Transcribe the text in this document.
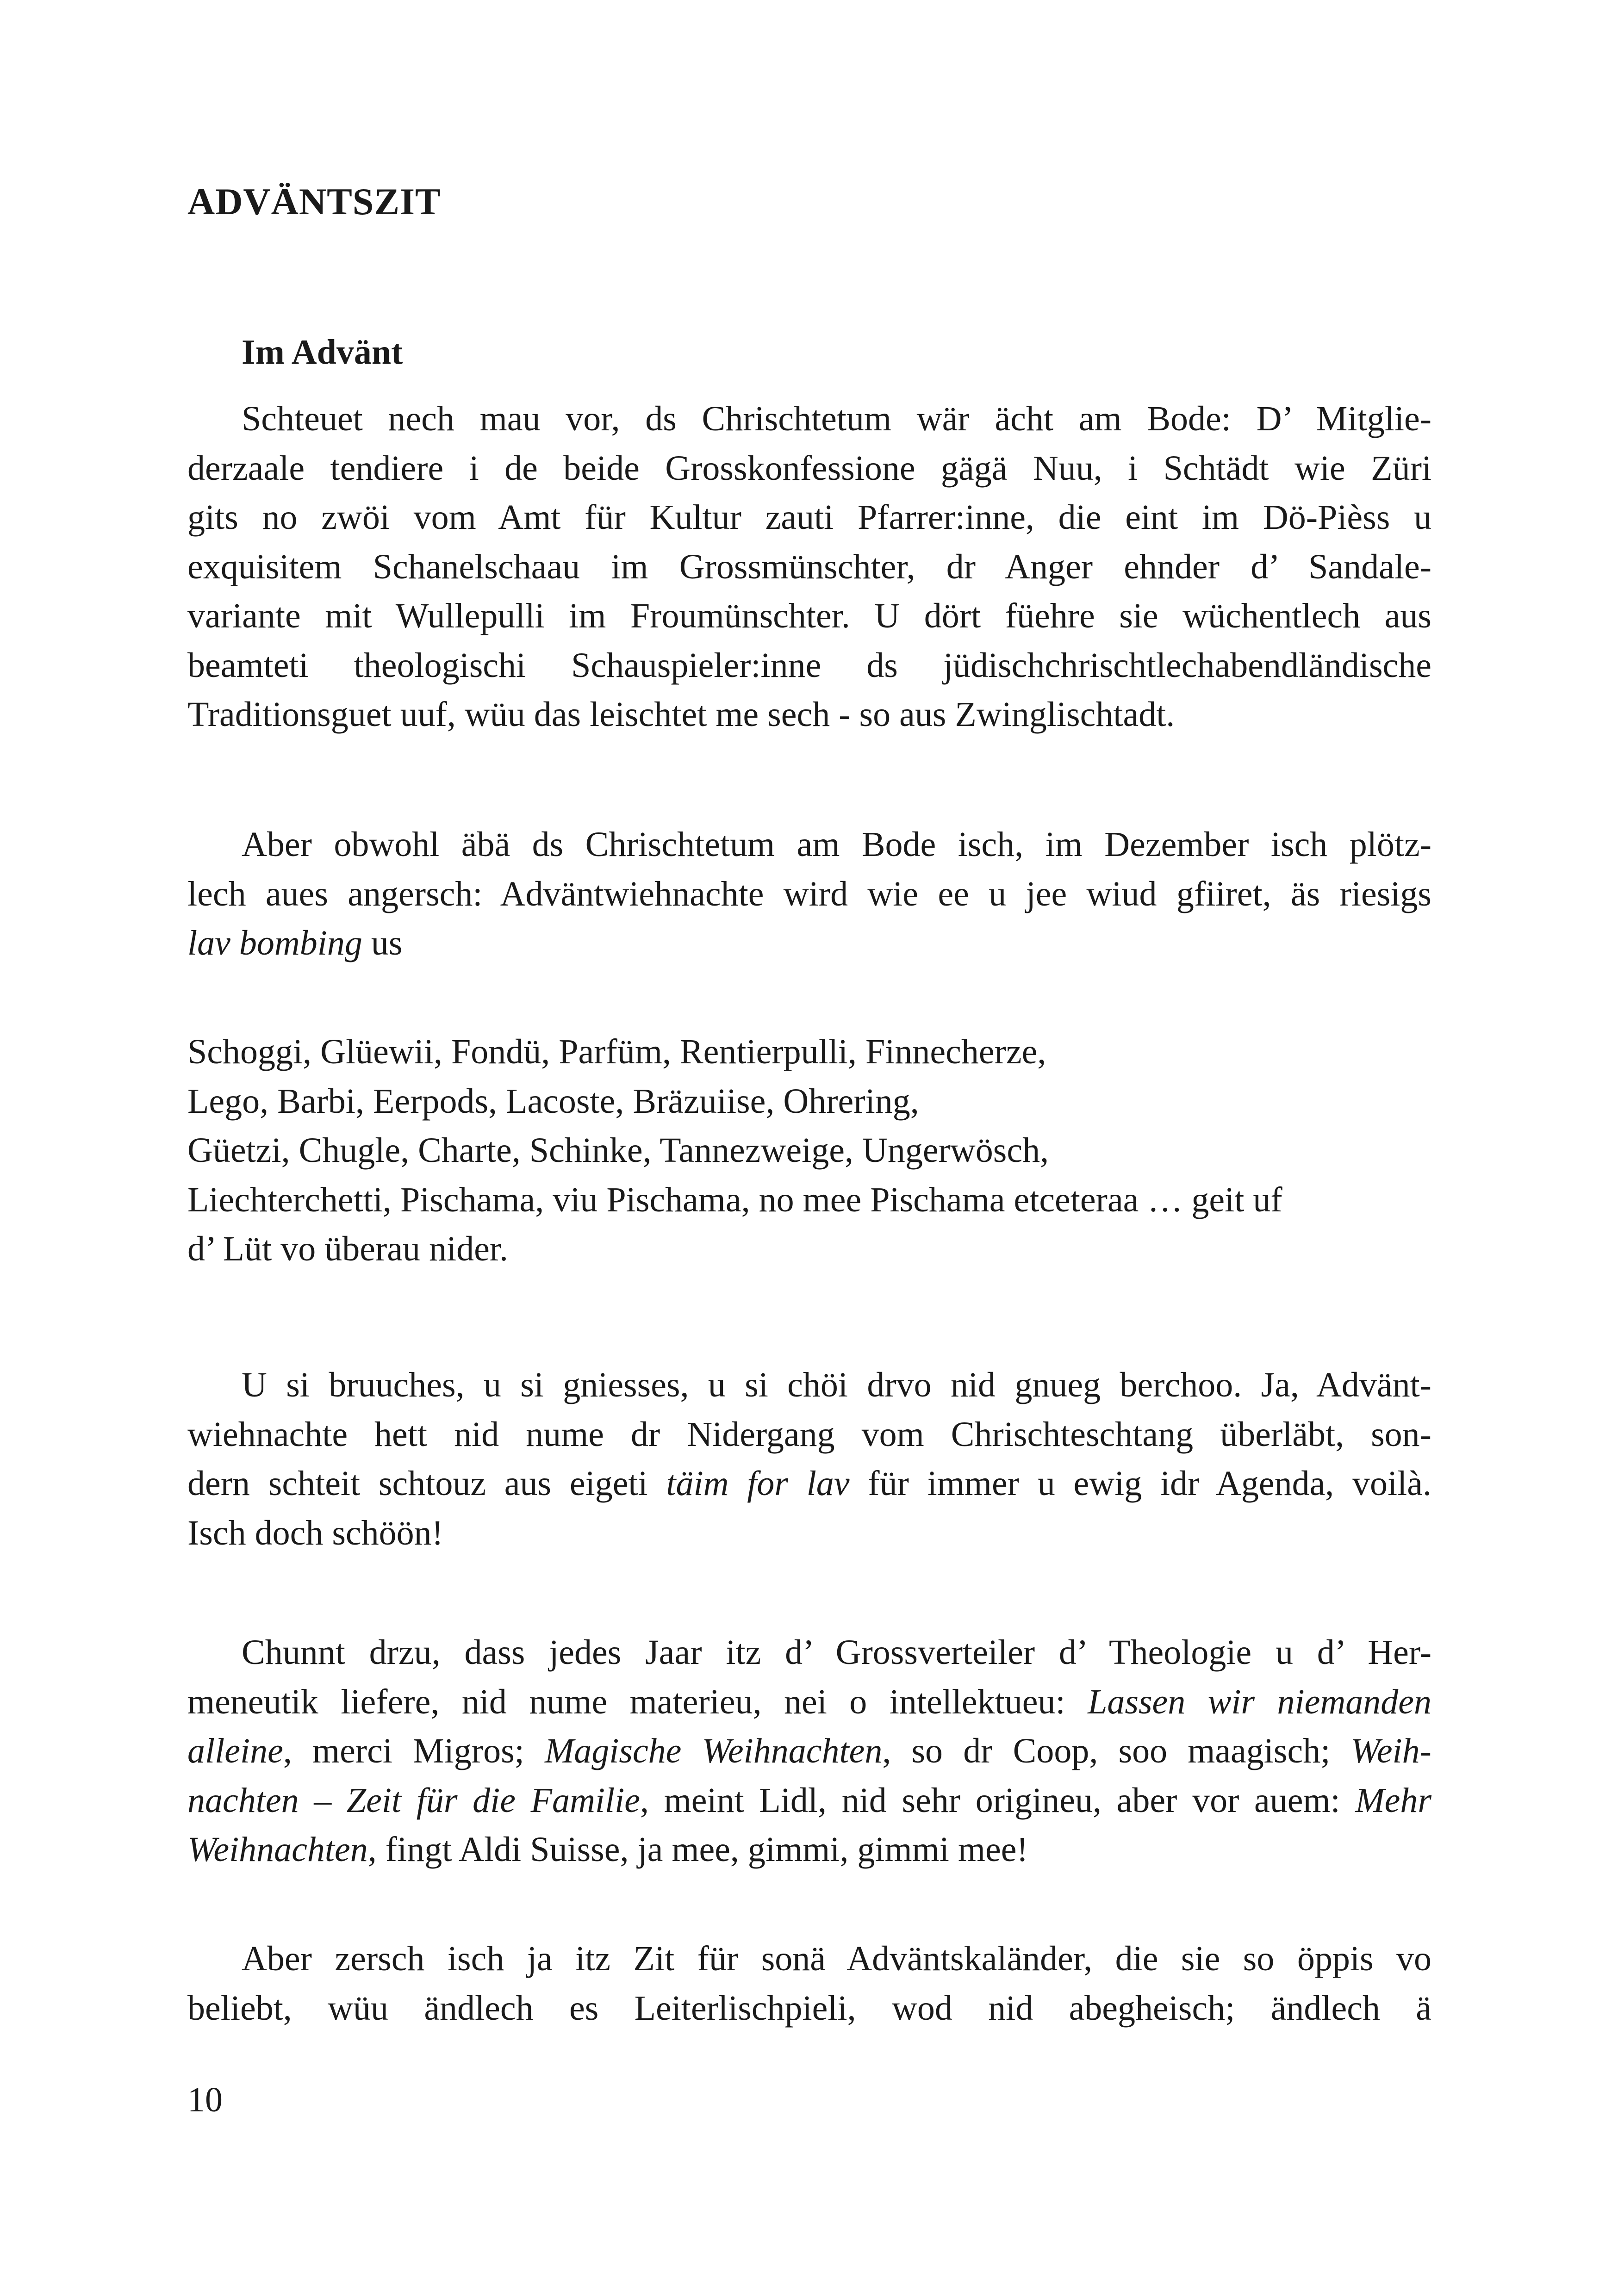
ADVÄNTSZIT
Im Advänt
Schteuet nech mau vor, ds Chrischtetum wär ächt am Bode: D’ Mitglie-
derzaale tendiere i de beide Grosskonfessione gägä Nuu, i Schtädt wie Züri
gits no zwöi vom Amt für Kultur zauti Pfarrer:inne, die eint im Dö-Pièss u
exquisitem Schanelschaau im Grossmünschter, dr Anger ehnder d’ Sandale-
variante mit Wullepulli im Froumünschter. U dört füehre sie wüchentlech aus
beamteti theologischi Schauspieler:inne ds jüdischchrischtlechabendländische
Traditionsguet uuf, wüu das leischtet me sech - so aus Zwinglischtadt.
Aber obwohl äbä ds Chrischtetum am Bode isch, im Dezember isch plötz-
lech aues angersch: Adväntwiehnachte wird wie ee u jee wiud gfiiret, äs riesigs
lav bombing us
Schoggi, Glüewii, Fondü, Parfüm, Rentierpulli, Finnecherze,
Lego, Barbi, Eerpods, Lacoste, Bräzuiise, Ohrering,
Güetzi, Chugle, Charte, Schinke, Tannezweige, Ungerwösch,
Liechterchetti, Pischama, viu Pischama, no mee Pischama etceteraa … geit uf
d’ Lüt vo überau nider.
U si bruuches, u si gniesses, u si chöi drvo nid gnueg berchoo. Ja, Advänt-
wiehnachte hett nid nume dr Nidergang vom Chrischteschtang überläbt, son-
dern schteit schtouz aus eigeti täim for lav für immer u ewig idr Agenda, voilà.
Isch doch schöön!
Chunnt drzu, dass jedes Jaar itz d’ Grossverteiler d’ Theologie u d’ Her-
meneutik liefere, nid nume materieu, nei o intellektueu: Lassen wir niemanden
alleine, merci Migros; Magische Weihnachten, so dr Coop, soo maagisch; Weih-
nachten – Zeit für die Familie, meint Lidl, nid sehr origineu, aber vor auem: Mehr
Weihnachten, fingt Aldi Suisse, ja mee, gimmi, gimmi mee!
Aber zersch isch ja itz Zit für sonä Adväntskaländer, die sie so öppis vo
beliebt, wüu ändlech es Leiterlischpieli, wod nid abegheisch; ändlech ä
10
